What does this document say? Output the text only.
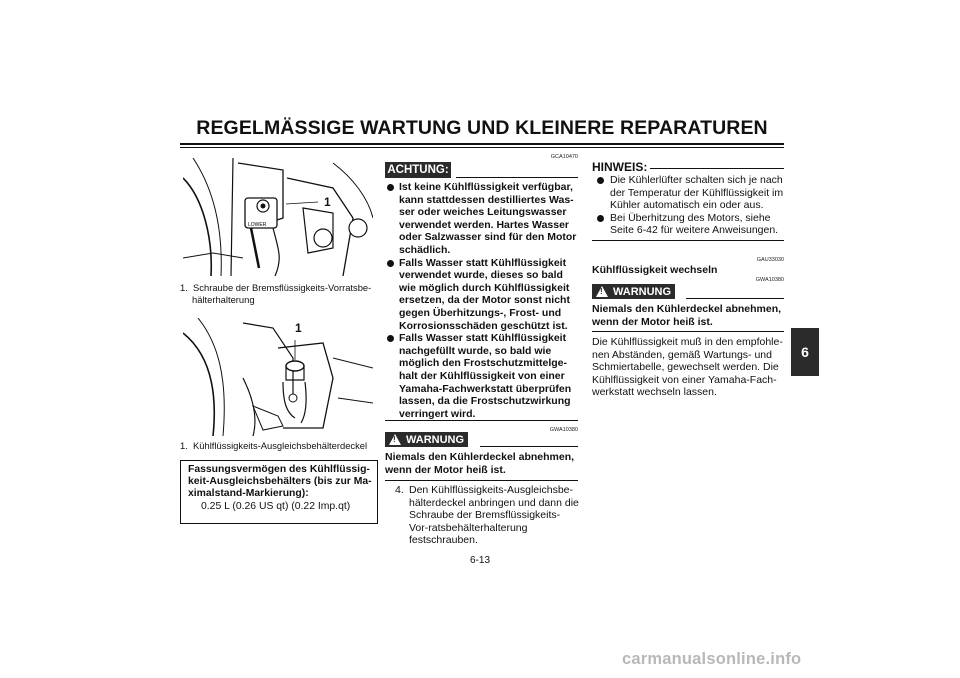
REGELMÄSSIGE WARTUNG UND KLEINERE REPARATUREN
LOWER
1
1. Schraube der Bremsflüssigkeits-Vorratsbe-hälterhalterung
1
1. Kühlflüssigkeits-Ausgleichsbehälterdeckel
Fassungsvermögen des Kühlflüssig-keit-Ausgleichsbehälters (bis zur Ma-ximalstand-Markierung):
0.25 L (0.26 US qt) (0.22 Imp.qt)
GCA10470
ACHTUNG:
Ist keine Kühlflüssigkeit verfügbar, kann stattdessen destilliertes Was-ser oder weiches Leitungswasser verwendet werden. Hartes Wasser oder Salzwasser sind für den Motor schädlich.
Falls Wasser statt Kühlflüssigkeit verwendet wurde, dieses so bald wie möglich durch Kühlflüssigkeit ersetzen, da der Motor sonst nicht gegen Überhitzungs-, Frost- und Korrosionsschäden geschützt ist.
Falls Wasser statt Kühlflüssigkeit nachgefüllt wurde, so bald wie möglich den Frostschutzmittelge-halt der Kühlflüssigkeit von einer Yamaha-Fachwerkstatt überprüfen lassen, da die Frostschutzwirkung verringert wird.
GWA10380
!
WARNUNG
Niemals den Kühlerdeckel abnehmen, wenn der Motor heiß ist.
4. Den Kühlflüssigkeits-Ausgleichsbe-hälterdeckel anbringen und dann die Schraube der Bremsflüssigkeits-Vor-ratsbehälterhalterung festschrauben.
HINWEIS:
Die Kühlerlüfter schalten sich je nach der Temperatur der Kühlflüssigkeit im Kühler automatisch ein oder aus.
Bei Überhitzung des Motors, siehe Seite 6-42 für weitere Anweisungen.
GAU33030
Kühlflüssigkeit wechseln
GWA10380
!
WARNUNG
Niemals den Kühlerdeckel abnehmen, wenn der Motor heiß ist.
Die Kühlflüssigkeit muß in den empfohle-nen Abständen, gemäß Wartungs- und Schmiertabelle, gewechselt werden. Die Kühlflüssigkeit von einer Yamaha-Fach-werkstatt wechseln lassen.
6
6-13
carmanualsonline.info
